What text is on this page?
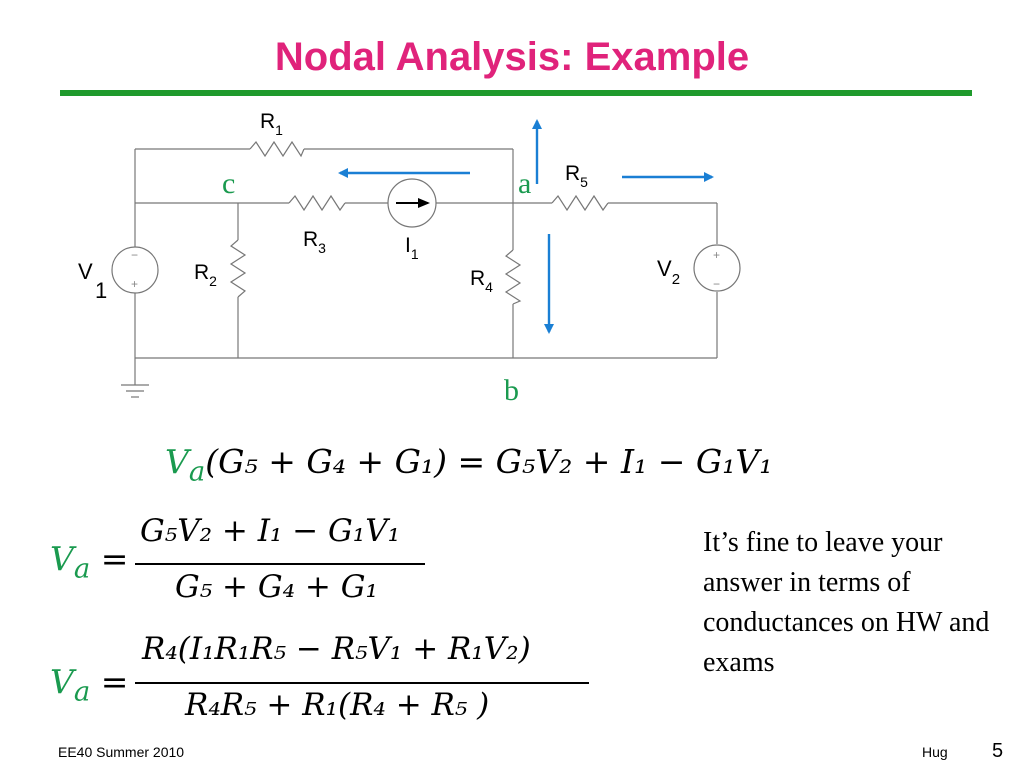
Nodal Analysis: Example
$R_1$
$R_3$
$R_5$
$R_2$	$R_4$
$I_1$
−
+
V
1
+
−
$V_2$
c	a
b
$V_a(G_5 + G_4 + G_1) = G_5V_2 + I_1 - G_1V_1$
$V_a$ =
G₅V₂ + I₁ − G₁V₁
G₅ + G₄ + G₁
$V_a$ =
R₄(I₁R₁R₅ − R₅V₁ + R₁V₂)
R₄R₅ + R₁(R₄ + R₅ )

It’s fine to leave your answer in terms of conductances on HW and exams

EE40 Summer 2010	Hug 5
